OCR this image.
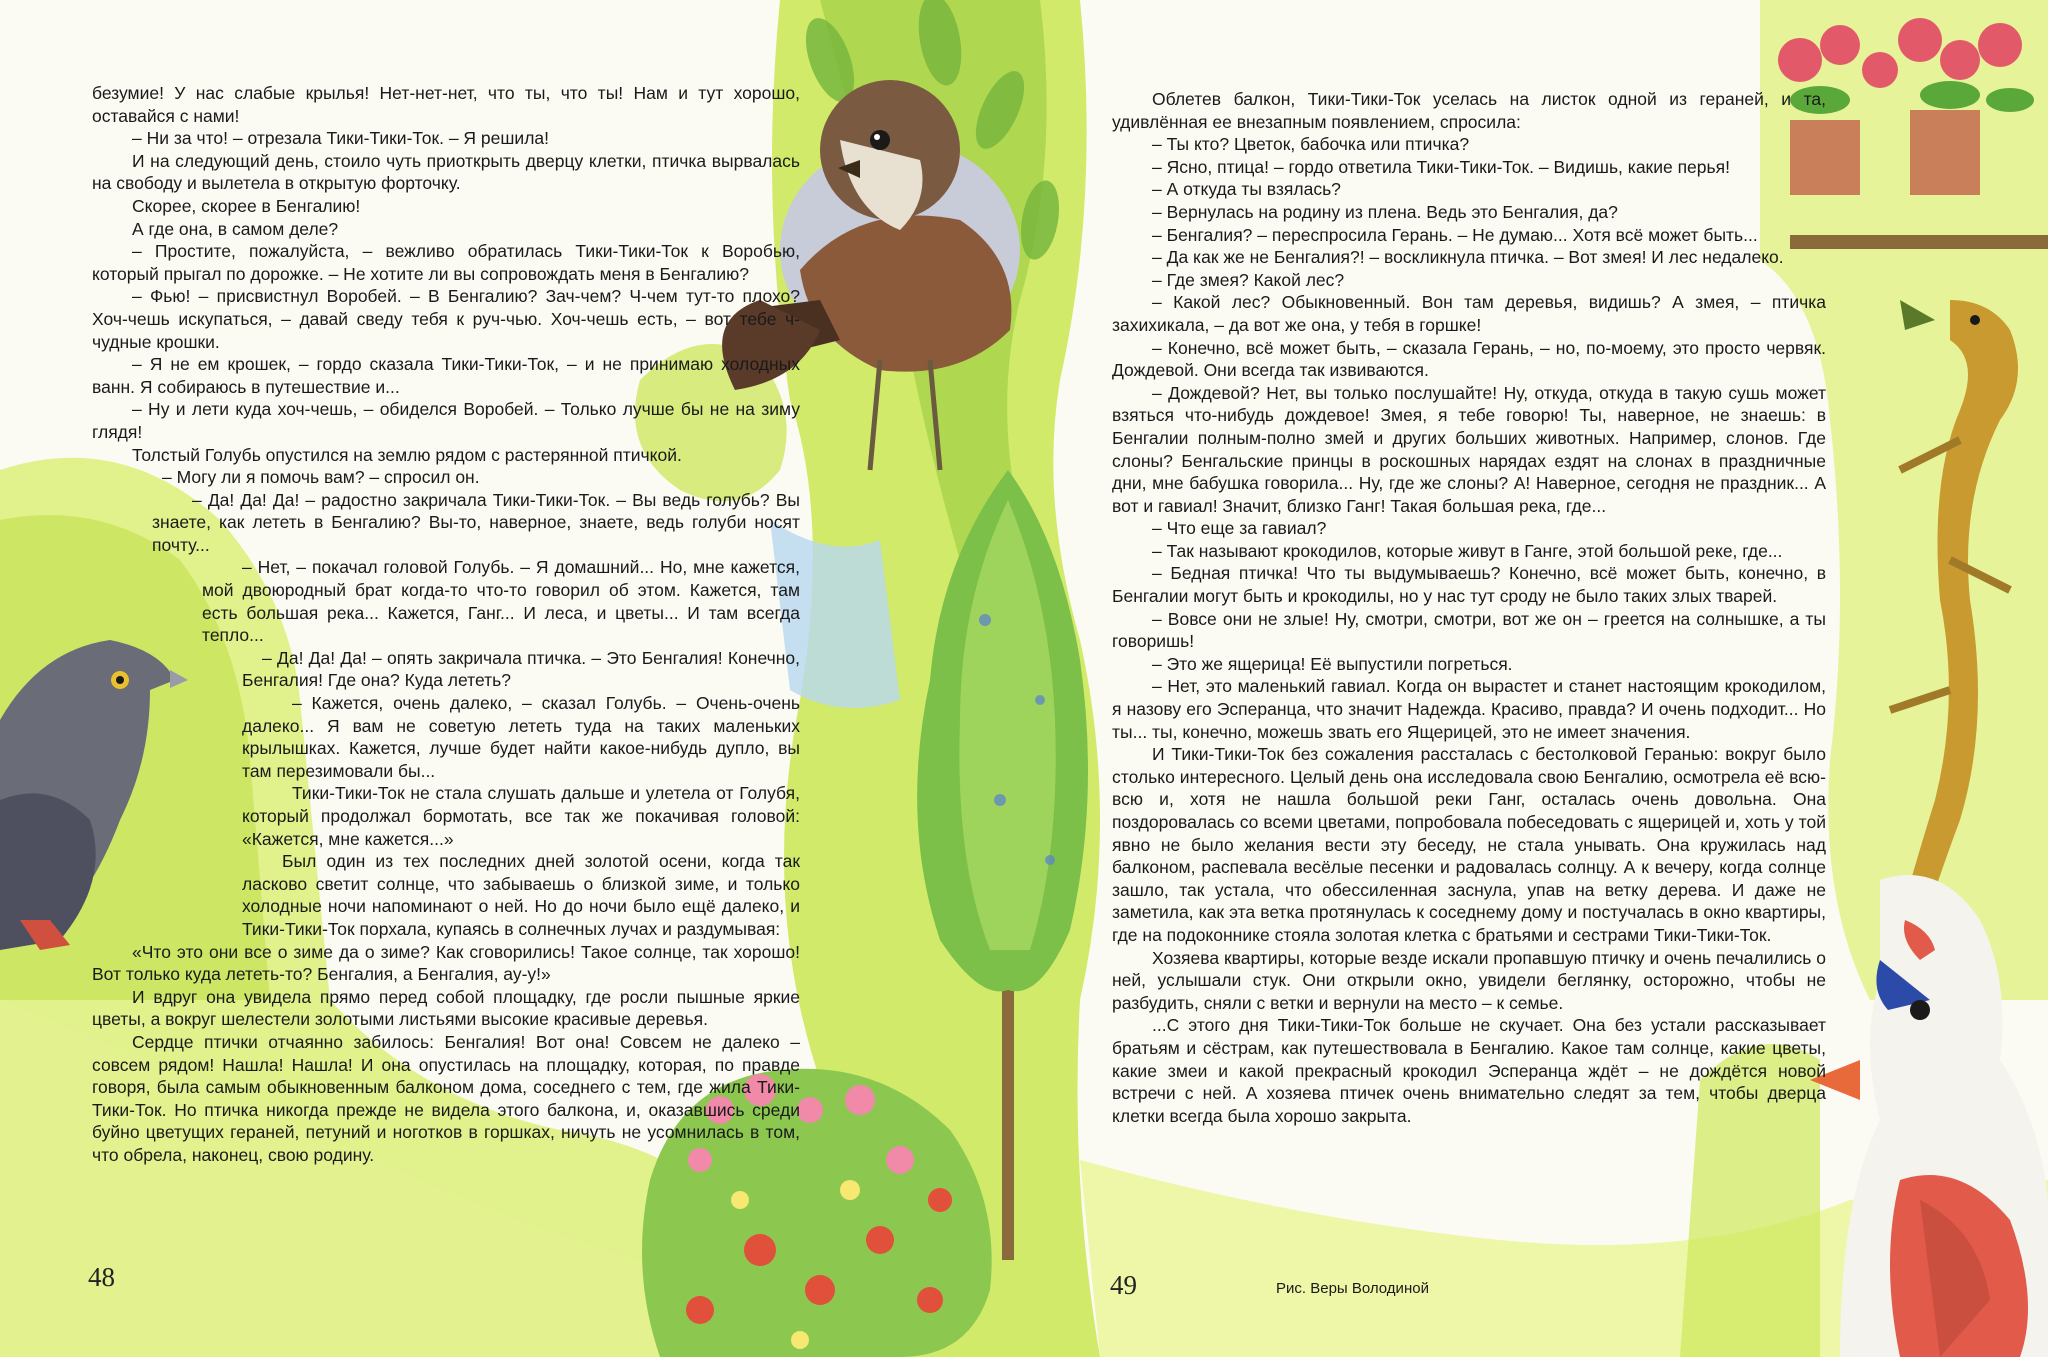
безумие! У нас слабые крылья! Нет-нет-нет, что ты, что ты! Нам и тут хорошо, оставайся с нами!

– Ни за что! – отрезала Тики-Тики-Ток. – Я решила!

И на следующий день, стоило чуть приоткрыть дверцу клетки, птичка вырвалась на свободу и вылетела в открытую форточку.

Скорее, скорее в Бенгалию!

А где она, в самом деле?

– Простите, пожалуйста, – вежливо обратилась Тики-Тики-Ток к Воробью, который прыгал по дорожке. – Не хотите ли вы сопровождать меня в Бенгалию?

– Фью! – присвистнул Воробей. – В Бенгалию? Зач-чем? Ч-чем тут-то плохо? Хоч-чешь искупаться, – давай сведу тебя к руч-чью. Хоч-чешь есть, – вот тебе ч-чудные крошки.

– Я не ем крошек, – гордо сказала Тики-Тики-Ток, – и не принимаю холодных ванн. Я собираюсь в путешествие и...

– Ну и лети куда хоч-чешь, – обиделся Воробей. – Только лучше бы не на зиму глядя!

Толстый Голубь опустился на землю рядом с растерянной птичкой.

– Могу ли я помочь вам? – спросил он.

– Да! Да! Да! – радостно закричала Тики-Тики-Ток. – Вы ведь голубь? Вы знаете, как лететь в Бенгалию? Вы-то, наверное, знаете, ведь голуби носят почту...

– Нет, – покачал головой Голубь. – Я домашний... Но, мне кажется, мой двоюродный брат когда-то что-то говорил об этом. Кажется, там есть большая река... Кажется, Ганг... И леса, и цветы... И там всегда тепло...

– Да! Да! Да! – опять закричала птичка. – Это Бенгалия! Конечно, Бенгалия! Где она? Куда лететь?

– Кажется, очень далеко, – сказал Голубь. – Очень-очень далеко... Я вам не советую лететь туда на таких маленьких крылышках. Кажется, лучше будет найти какое-нибудь дупло, вы там перезимовали бы...

Тики-Тики-Ток не стала слушать дальше и улетела от Голубя, который продолжал бормотать, все так же покачивая головой: «Кажется, мне кажется...»

Был один из тех последних дней золотой осени, когда так ласково светит солнце, что забываешь о близкой зиме, и только холодные ночи напоминают о ней. Но до ночи было ещё далеко, и Тики-Тики-Ток порхала, купаясь в солнечных лучах и раздумывая:

«Что это они все о зиме да о зиме? Как сговорились! Такое солнце, так хорошо! Вот только куда лететь-то? Бенгалия, а Бенгалия, ау-у!»

И вдруг она увидела прямо перед собой площадку, где росли пышные яркие цветы, а вокруг шелестели золотыми листьями высокие красивые деревья.

Сердце птички отчаянно забилось: Бенгалия! Вот она! Совсем не далеко – совсем рядом! Нашла! Нашла! И она опустилась на площадку, которая, по правде говоря, была самым обыкновенным балконом дома, соседнего с тем, где жила Тики-Тики-Ток. Но птичка никогда прежде не видела этого балкона, и, оказавшись среди буйно цветущих гераней, петуний и ноготков в горшках, ничуть не усомнилась в том, что обрела, наконец, свою родину.

Облетев балкон, Тики-Тики-Ток уселась на листок одной из гераней, и та, удивлённая ее внезапным появлением, спросила:

– Ты кто? Цветок, бабочка или птичка?

– Ясно, птица! – гордо ответила Тики-Тики-Ток. – Видишь, какие перья!

– А откуда ты взялась?

– Вернулась на родину из плена. Ведь это Бенгалия, да?

– Бенгалия? – переспросила Герань. – Не думаю... Хотя всё может быть...

– Да как же не Бенгалия?! – воскликнула птичка. – Вот змея! И лес недалеко.

– Где змея? Какой лес?

– Какой лес? Обыкновенный. Вон там деревья, видишь? А змея, – птичка захихикала, – да вот же она, у тебя в горшке!

– Конечно, всё может быть, – сказала Герань, – но, по-моему, это просто червяк. Дождевой. Они всегда так извиваются.

– Дождевой? Нет, вы только послушайте! Ну, откуда, откуда в такую сушь может взяться что-нибудь дождевое! Змея, я тебе говорю! Ты, наверное, не знаешь: в Бенгалии полным-полно змей и других больших животных. Например, слонов. Где слоны? Бенгальские принцы в роскошных нарядах ездят на слонах в праздничные дни, мне бабушка говорила... Ну, где же слоны? А! Наверное, сегодня не праздник... А вот и гавиал! Значит, близко Ганг! Такая большая река, где...

– Что еще за гавиал?

– Так называют крокодилов, которые живут в Ганге, этой большой реке, где...

– Бедная птичка! Что ты выдумываешь? Конечно, всё может быть, конечно, в Бенгалии могут быть и крокодилы, но у нас тут сроду не было таких злых тварей.

– Вовсе они не злые! Ну, смотри, смотри, вот же он – греется на солнышке, а ты говоришь!

– Это же ящерица! Её выпустили погреться.

– Нет, это маленький гавиал. Когда он вырастет и станет настоящим крокодилом, я назову его Эсперанца, что значит Надежда. Красиво, правда? И очень подходит... Но ты... ты, конечно, можешь звать его Ящерицей, это не имеет значения.

И Тики-Тики-Ток без сожаления рассталась с бестолковой Геранью: вокруг было столько интересного. Целый день она исследовала свою Бенгалию, осмотрела её всю-всю и, хотя не нашла большой реки Ганг, осталась очень довольна. Она поздоровалась со всеми цветами, попробовала побеседовать с ящерицей и, хоть у той явно не было желания вести эту беседу, не стала унывать. Она кружилась над балконом, распевала весёлые песенки и радовалась солнцу. А к вечеру, когда солнце зашло, так устала, что обессиленная заснула, упав на ветку дерева. И даже не заметила, как эта ветка протянулась к соседнему дому и постучалась в окно квартиры, где на подоконнике стояла золотая клетка с братьями и сестрами Тики-Тики-Ток.

Хозяева квартиры, которые везде искали пропавшую птичку и очень печалились о ней, услышали стук. Они открыли окно, увидели беглянку, осторожно, чтобы не разбудить, сняли с ветки и вернули на место – к семье.

...С этого дня Тики-Тики-Ток больше не скучает. Она без устали рассказывает братьям и сёстрам, как путешествовала в Бенгалию. Какое там солнце, какие цветы, какие змеи и какой прекрасный крокодил Эсперанца ждёт – не дождётся новой встречи с ней. А хозяева птичек очень внимательно следят за тем, чтобы дверца клетки всегда была хорошо закрыта.

48	49	Рис. Веры Володиной
